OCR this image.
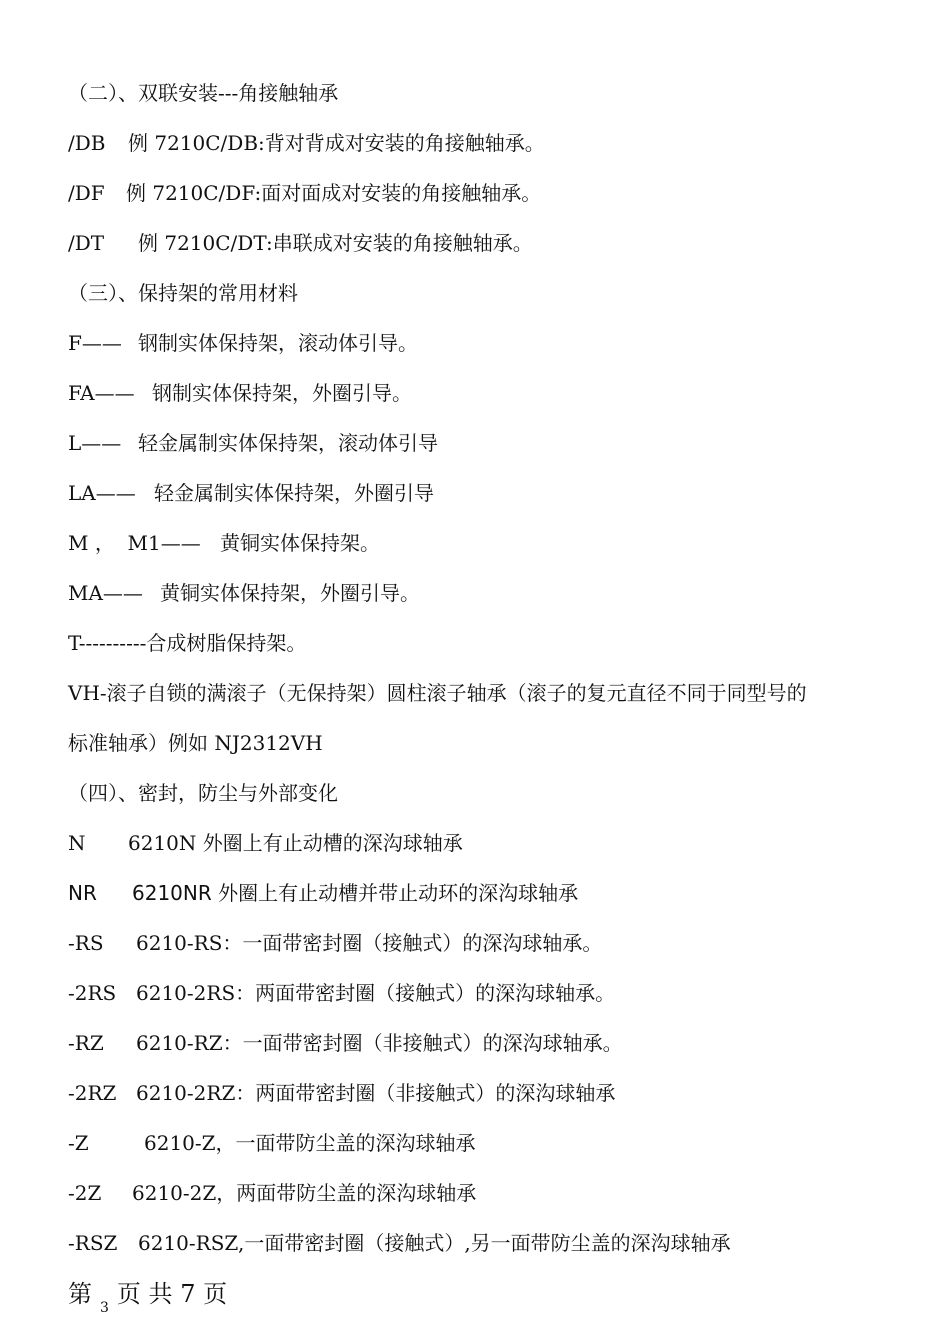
（二）、双联安装---角接触轴承
/DB 例 7210C/DB:背对背成对安装的角接触轴承。
/DF 例 7210C/DF:面对面成对安装的角接触轴承。
/DT 例 7210C/DT:串联成对安装的角接触轴承。
（三）、保持架的常用材料
F—— 钢制实体保持架，滚动体引导。
FA—— 钢制实体保持架，外圈引导。
L—— 轻金属制实体保持架，滚动体引导
LA—— 轻金属制实体保持架，外圈引导
M ，  M1—— 黄铜实体保持架。
MA—— 黄铜实体保持架，外圈引导。
T----------合成树脂保持架。
VH-滚子自锁的满滚子（无保持架）圆柱滚子轴承（滚子的复元直径不同于同型号的
标准轴承）例如 NJ2312VH
（四）、密封，防尘与外部变化
N 6210N 外圈上有止动槽的深沟球轴承
NR 6210NR 外圈上有止动槽并带止动环的深沟球轴承
-RS 6210-RS：一面带密封圈（接触式）的深沟球轴承。
-2RS 6210-2RS：两面带密封圈（接触式）的深沟球轴承。
-RZ 6210-RZ：一面带密封圈（非接触式）的深沟球轴承。
-2RZ 6210-2RZ：两面带密封圈（非接触式）的深沟球轴承
-Z	6210-Z，一面带防尘盖的深沟球轴承
-2Z 6210-2Z，两面带防尘盖的深沟球轴承
-RSZ 6210-RSZ,一面带密封圈（接触式）,另一面带防尘盖的深沟球轴承
第 $_3$ 页 共 7 页
